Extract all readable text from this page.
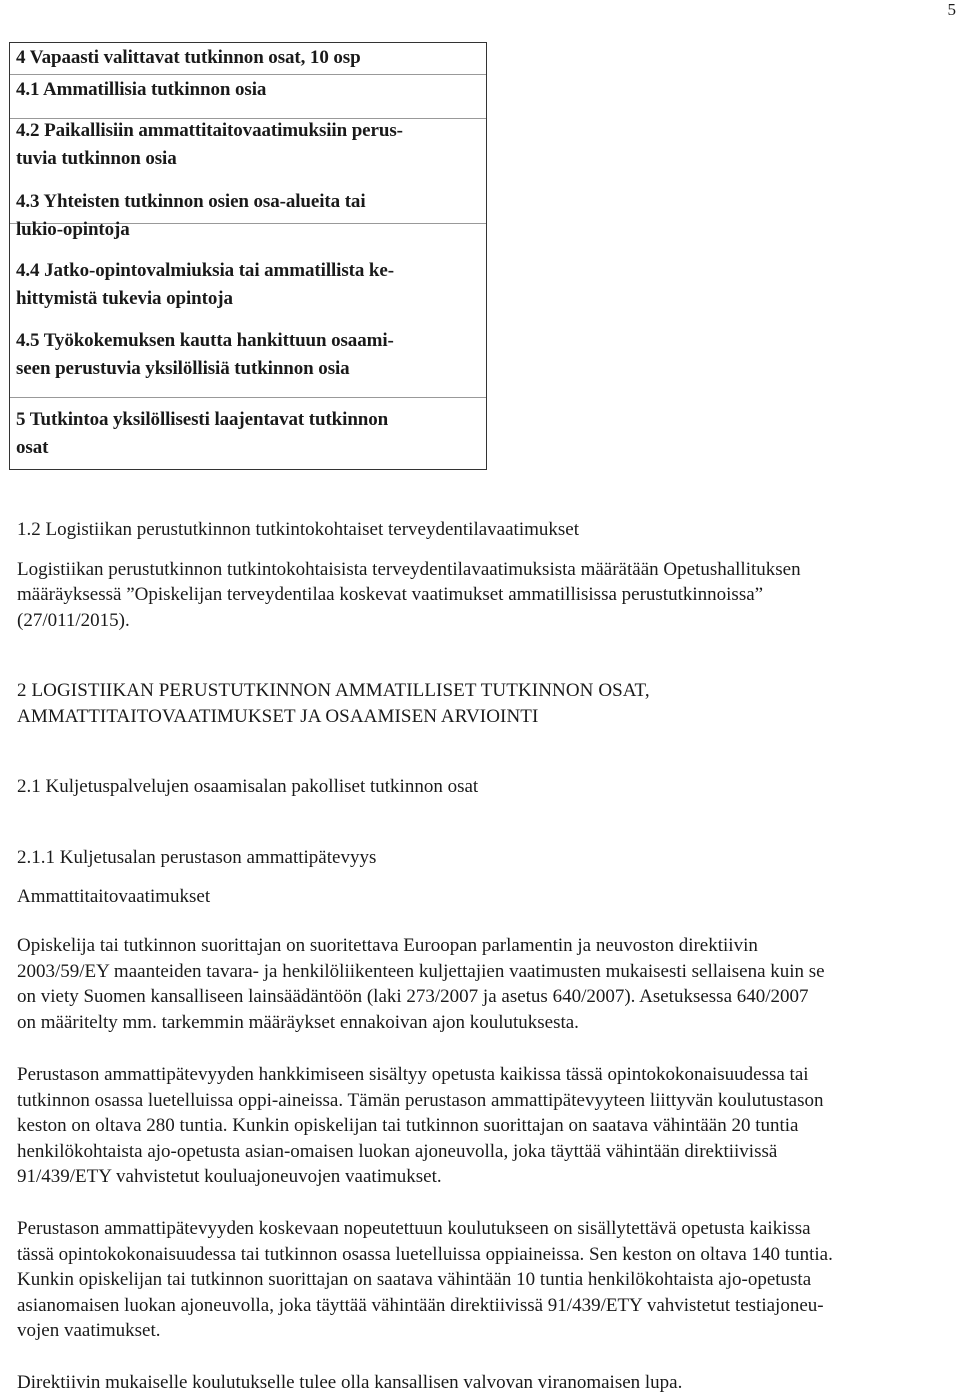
5
4 Vapaasti valittavat tutkinnon osat, 10 osp
4.1 Ammatillisia tutkinnon osia
4.2 Paikallisiin ammattitaitovaatimuksiin perus-
tuvia tutkinnon osia
4.3 Yhteisten tutkinnon osien osa-alueita tai
lukio-opintoja
4.4 Jatko-opintovalmiuksia tai ammatillista ke-
hittymistä tukevia opintoja
4.5 Työkokemuksen kautta hankittuun osaami-
seen perustuvia yksilöllisiä tutkinnon osia
5 Tutkintoa yksilöllisesti laajentavat tutkinnon
osat

1.2 Logistiikan perustutkinnon tutkintokohtaiset terveydentilavaatimukset

Logistiikan perustutkinnon tutkintokohtaisista terveydentilavaatimuksista määrätään Opetushallituksen

määräyksessä ”Opiskelijan terveydentilaa koskevat vaatimukset ammatillisissa perustutkinnoissa”

(27/011/2015).

2 LOGISTIIKAN PERUSTUTKINNON AMMATILLISET TUTKINNON OSAT,

AMMATTITAITOVAATIMUKSET JA OSAAMISEN ARVIOINTI

2.1 Kuljetuspalvelujen osaamisalan pakolliset tutkinnon osat

2.1.1 Kuljetusalan perustason ammattipätevyys

Ammattitaitovaatimukset

Opiskelija tai tutkinnon suorittajan on suoritettava Euroopan parlamentin ja neuvoston direktiivin

2003/59/EY maanteiden tavara- ja henkilöliikenteen kuljettajien vaatimusten mukaisesti sellaisena kuin se

on viety Suomen kansalliseen lainsäädäntöön (laki 273/2007 ja asetus 640/2007). Asetuksessa 640/2007

on määritelty mm. tarkemmin määräykset ennakoivan ajon koulutuksesta.

Perustason ammattipätevyyden hankkimiseen sisältyy opetusta kaikissa tässä opintokokonaisuudessa tai

tutkinnon osassa luetelluissa oppi-aineissa. Tämän perustason ammattipätevyyteen liittyvän koulutustason

keston on oltava 280 tuntia. Kunkin opiskelijan tai tutkinnon suorittajan on saatava vähintään 20 tuntia

henkilökohtaista ajo-opetusta asian-omaisen luokan ajoneuvolla, joka täyttää vähintään direktiivissä

91/439/ETY vahvistetut kouluajoneuvojen vaatimukset.

Perustason ammattipätevyyden koskevaan nopeutettuun koulutukseen on sisällytettävä opetusta kaikissa

tässä opintokokonaisuudessa tai tutkinnon osassa luetelluissa oppiaineissa. Sen keston on oltava 140 tuntia.

Kunkin opiskelijan tai tutkinnon suorittajan on saatava vähintään 10 tuntia henkilökohtaista ajo-opetusta

asianomaisen luokan ajoneuvolla, joka täyttää vähintään direktiivissä 91/439/ETY vahvistetut testiajoneu-

vojen vaatimukset.

Direktiivin mukaiselle koulutukselle tulee olla kansallisen valvovan viranomaisen lupa.
